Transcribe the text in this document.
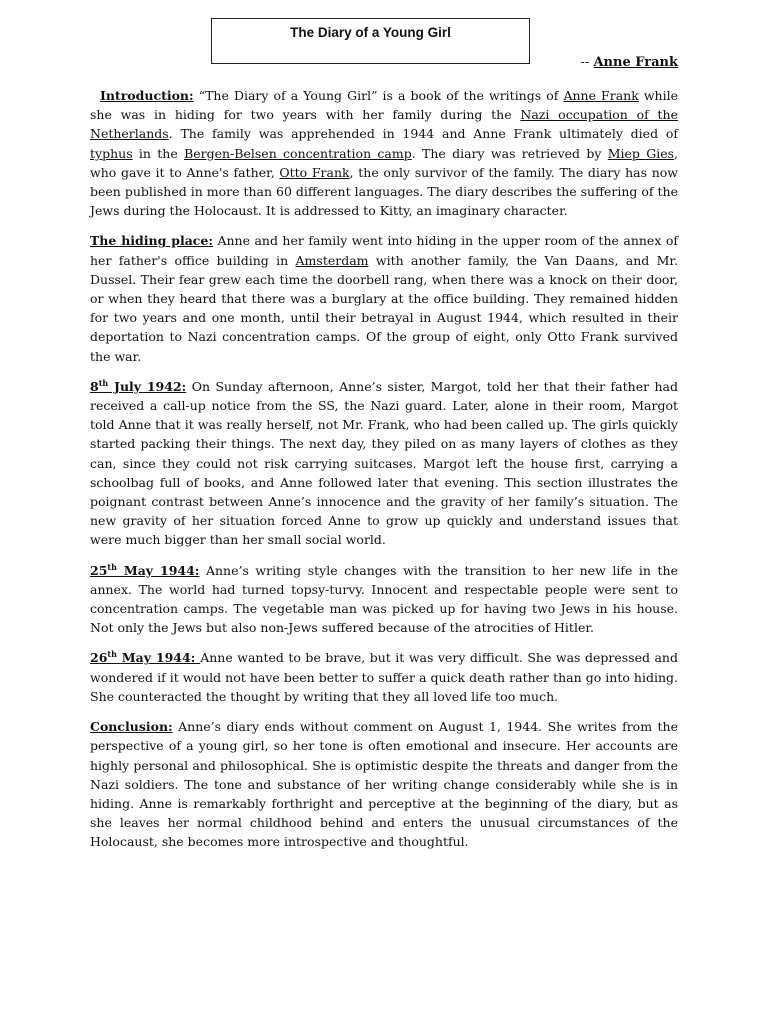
The Diary of a Young Girl
-- Anne Frank

Introduction: “The Diary of a Young Girl” is a book of the writings of Anne Frank while she was in hiding for two years with her family during the Nazi occupation of the Netherlands. The family was apprehended in 1944 and Anne Frank ultimately died of typhus in the Bergen-Belsen concentration camp. The diary was retrieved by Miep Gies, who gave it to Anne's father, Otto Frank, the only survivor of the family. The diary has now been published in more than 60 different languages. The diary describes the suffering of the Jews during the Holocaust. It is addressed to Kitty, an imaginary character.

The hiding place: Anne and her family went into hiding in the upper room of the annex of her father's office building in Amsterdam with another family, the Van Daans, and Mr. Dussel. Their fear grew each time the doorbell rang, when there was a knock on their door, or when they heard that there was a burglary at the office building. They remained hidden for two years and one month, until their betrayal in August 1944, which resulted in their deportation to Nazi concentration camps. Of the group of eight, only Otto Frank survived the war.

8th July 1942: On Sunday afternoon, Anne’s sister, Margot, told her that their father had received a call-up notice from the SS, the Nazi guard. Later, alone in their room, Margot told Anne that it was really herself, not Mr. Frank, who had been called up. The girls quickly started packing their things. The next day, they piled on as many layers of clothes as they can, since they could not risk carrying suitcases. Margot left the house first, carrying a schoolbag full of books, and Anne followed later that evening. This section illustrates the poignant contrast between Anne’s innocence and the gravity of her family’s situation. The new gravity of her situation forced Anne to grow up quickly and understand issues that were much bigger than her small social world.

25th May 1944: Anne’s writing style changes with the transition to her new life in the annex. The world had turned topsy-turvy. Innocent and respectable people were sent to concentration camps. The vegetable man was picked up for having two Jews in his house. Not only the Jews but also non-Jews suffered because of the atrocities of Hitler.

26th May 1944: Anne wanted to be brave, but it was very difficult. She was depressed and wondered if it would not have been better to suffer a quick death rather than go into hiding. She counteracted the thought by writing that they all loved life too much.

Conclusion: Anne’s diary ends without comment on August 1, 1944. She writes from the perspective of a young girl, so her tone is often emotional and insecure. Her accounts are highly personal and philosophical. She is optimistic despite the threats and danger from the Nazi soldiers. The tone and substance of her writing change considerably while she is in hiding. Anne is remarkably forthright and perceptive at the beginning of the diary, but as she leaves her normal childhood behind and enters the unusual circumstances of the Holocaust, she becomes more introspective and thoughtful.
